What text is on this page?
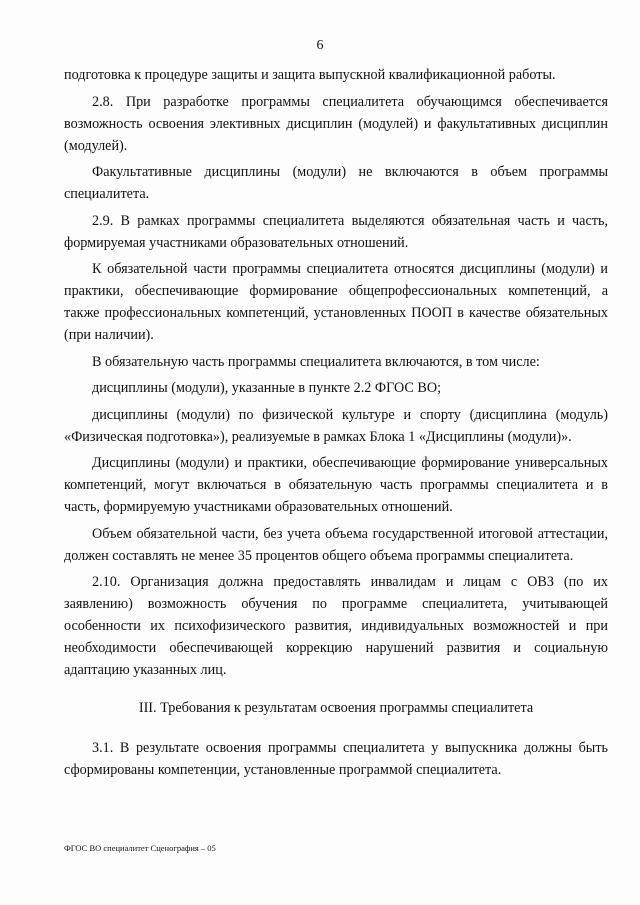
6

подготовка к процедуре защиты и защита выпускной квалификационной работы.

2.8. При разработке программы специалитета обучающимся обеспечивается возможность освоения элективных дисциплин (модулей) и факультативных дисциплин (модулей).

Факультативные дисциплины (модули) не включаются в объем программы специалитета.

2.9. В рамках программы специалитета выделяются обязательная часть и часть, формируемая участниками образовательных отношений.

К обязательной части программы специалитета относятся дисциплины (модули) и практики, обеспечивающие формирование общепрофессиональных компетенций, а также профессиональных компетенций, установленных ПООП в качестве обязательных (при наличии).

В обязательную часть программы специалитета включаются, в том числе:

дисциплины (модули), указанные в пункте 2.2 ФГОС ВО;

дисциплины (модули) по физической культуре и спорту (дисциплина (модуль) «Физическая подготовка»), реализуемые в рамках Блока 1 «Дисциплины (модули)».

Дисциплины (модули) и практики, обеспечивающие формирование универсальных компетенций, могут включаться в обязательную часть программы специалитета и в часть, формируемую участниками образовательных отношений.

Объем обязательной части, без учета объема государственной итоговой аттестации, должен составлять не менее 35 процентов общего объема программы специалитета.

2.10. Организация должна предоставлять инвалидам и лицам с ОВЗ (по их заявлению) возможность обучения по программе специалитета, учитывающей особенности их психофизического развития, индивидуальных возможностей и при необходимости обеспечивающей коррекцию нарушений развития и социальную адаптацию указанных лиц.

III. Требования к результатам освоения программы специалитета

3.1. В результате освоения программы специалитета у выпускника должны быть сформированы компетенции, установленные программой специалитета.

ФГОС ВО специалитет Сценография – 05
